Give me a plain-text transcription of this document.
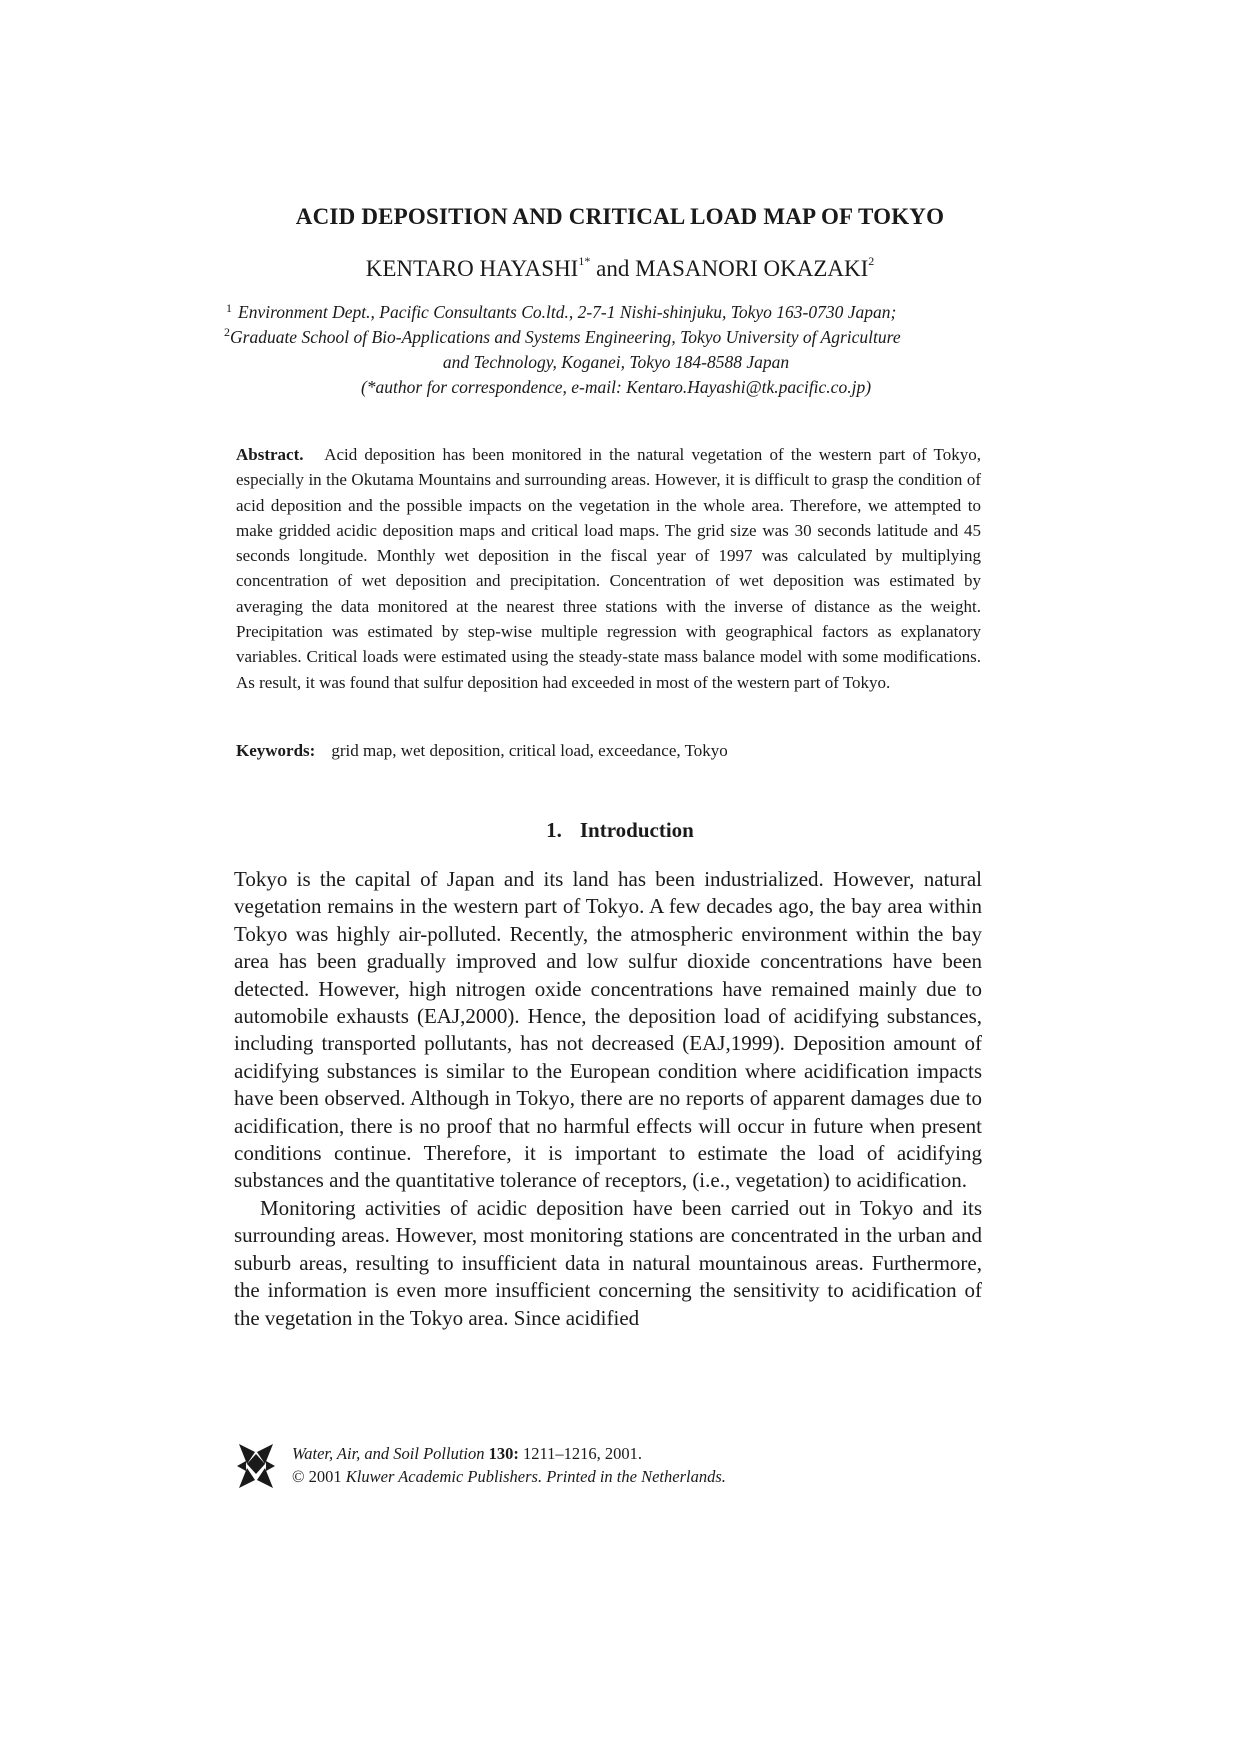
ACID DEPOSITION AND CRITICAL LOAD MAP OF TOKYO
KENTARO $HAYASHI^{1*}$ and MASANORI OKAZAKI$^2$
1 Environment Dept., Pacific Consultants Co.ltd., 2-7-1 Nishi-shinjuku, Tokyo 163-0730 Japan;
2 Graduate School of Bio-Applications and Systems Engineering, Tokyo University of Agriculture
and Technology, Koganei, Tokyo 184-8588 Japan
(*author for correspondence, e-mail: Kentaro.Hayashi@tk.pacific.co.jp)
Abstract. Acid deposition has been monitored in the natural vegetation of the western part of Tokyo, especially in the Okutama Mountains and surrounding areas. However, it is difficult to grasp the condition of acid deposition and the possible impacts on the vegetation in the whole area. Therefore, we attempted to make gridded acidic deposition maps and critical load maps. The grid size was 30 seconds latitude and 45 seconds longitude. Monthly wet deposition in the fiscal year of 1997 was calculated by multiplying concentration of wet deposition and precipitation. Concentration of wet deposition was estimated by averaging the data monitored at the nearest three stations with the inverse of distance as the weight. Precipitation was estimated by step-wise multiple regression with geographical factors as explanatory variables. Critical loads were estimated using the steady-state mass balance model with some modifications. As result, it was found that sulfur deposition had exceeded in most of the western part of Tokyo.
Keywords: grid map, wet deposition, critical load, exceedance, Tokyo
1. Introduction

Tokyo is the capital of Japan and its land has been industrialized. However, natural vegetation remains in the western part of Tokyo. A few decades ago, the bay area within Tokyo was highly air-polluted. Recently, the atmospheric environment within the bay area has been gradually improved and low sulfur dioxide concentrations have been detected. However, high nitrogen oxide concentrations have remained mainly due to automobile exhausts (EAJ,2000). Hence, the deposition load of acidifying substances, including transported pollutants, has not decreased (EAJ,1999). Deposition amount of acidifying substances is similar to the European condition where acidification impacts have been observed. Although in Tokyo, there are no reports of apparent damages due to acidification, there is no proof that no harmful effects will occur in future when present conditions continue. Therefore, it is important to estimate the load of acidifying substances and the quantitative tolerance of receptors, (i.e., vegetation) to acidification.

Monitoring activities of acidic deposition have been carried out in Tokyo and its surrounding areas. However, most monitoring stations are concentrated in the urban and suburb areas, resulting to insufficient data in natural mountainous areas. Furthermore, the information is even more insufficient concerning the sensitivity to acidification of the vegetation in the Tokyo area. Since acidified

Water, Air, and Soil Pollution 130: 1211–1216, 2001.
© 2001 Kluwer Academic Publishers. Printed in the Netherlands.
